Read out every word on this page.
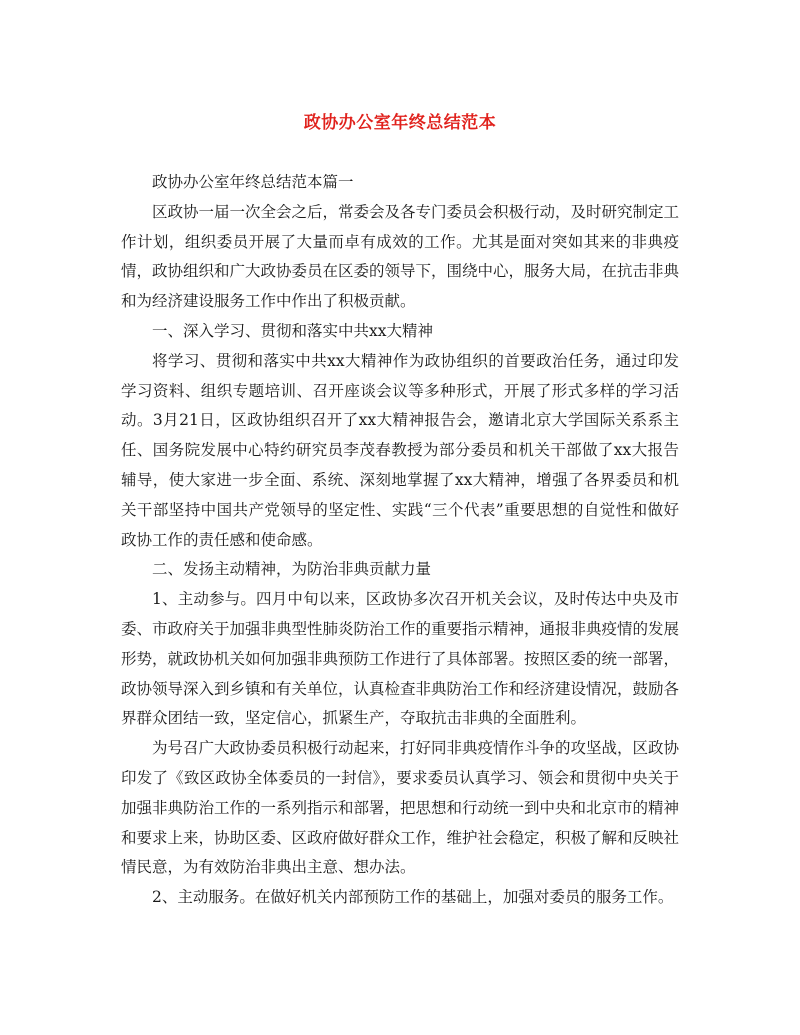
政协办公室年终总结范本

政协办公室年终总结范本篇一

区政协一届一次全会之后，常委会及各专门委员会积极行动，及时研究制定工作计划，组织委员开展了大量而卓有成效的工作。尤其是面对突如其来的非典疫情，政协组织和广大政协委员在区委的领导下，围绕中心，服务大局，在抗击非典和为经济建设服务工作中作出了积极贡献。

一、深入学习、贯彻和落实中共xx大精神

将学习、贯彻和落实中共xx大精神作为政协组织的首要政治任务，通过印发学习资料、组织专题培训、召开座谈会议等多种形式，开展了形式多样的学习活动。3月21日，区政协组织召开了xx大精神报告会，邀请北京大学国际关系系主任、国务院发展中心特约研究员李茂春教授为部分委员和机关干部做了xx大报告辅导，使大家进一步全面、系统、深刻地掌握了xx大精神，增强了各界委员和机关干部坚持中国共产党领导的坚定性、实践“三个代表”重要思想的自觉性和做好政协工作的责任感和使命感。

二、发扬主动精神，为防治非典贡献力量

1、主动参与。四月中旬以来，区政协多次召开机关会议，及时传达中央及市委、市政府关于加强非典型性肺炎防治工作的重要指示精神，通报非典疫情的发展形势，就政协机关如何加强非典预防工作进行了具体部署。按照区委的统一部署，政协领导深入到乡镇和有关单位，认真检查非典防治工作和经济建设情况，鼓励各界群众团结一致，坚定信心，抓紧生产，夺取抗击非典的全面胜利。

为号召广大政协委员积极行动起来，打好同非典疫情作斗争的攻坚战，区政协印发了《致区政协全体委员的一封信》，要求委员认真学习、领会和贯彻中央关于加强非典防治工作的一系列指示和部署，把思想和行动统一到中央和北京市的精神和要求上来，协助区委、区政府做好群众工作，维护社会稳定，积极了解和反映社情民意，为有效防治非典出主意、想办法。

2、主动服务。在做好机关内部预防工作的基础上，加强对委员的服务工作。
